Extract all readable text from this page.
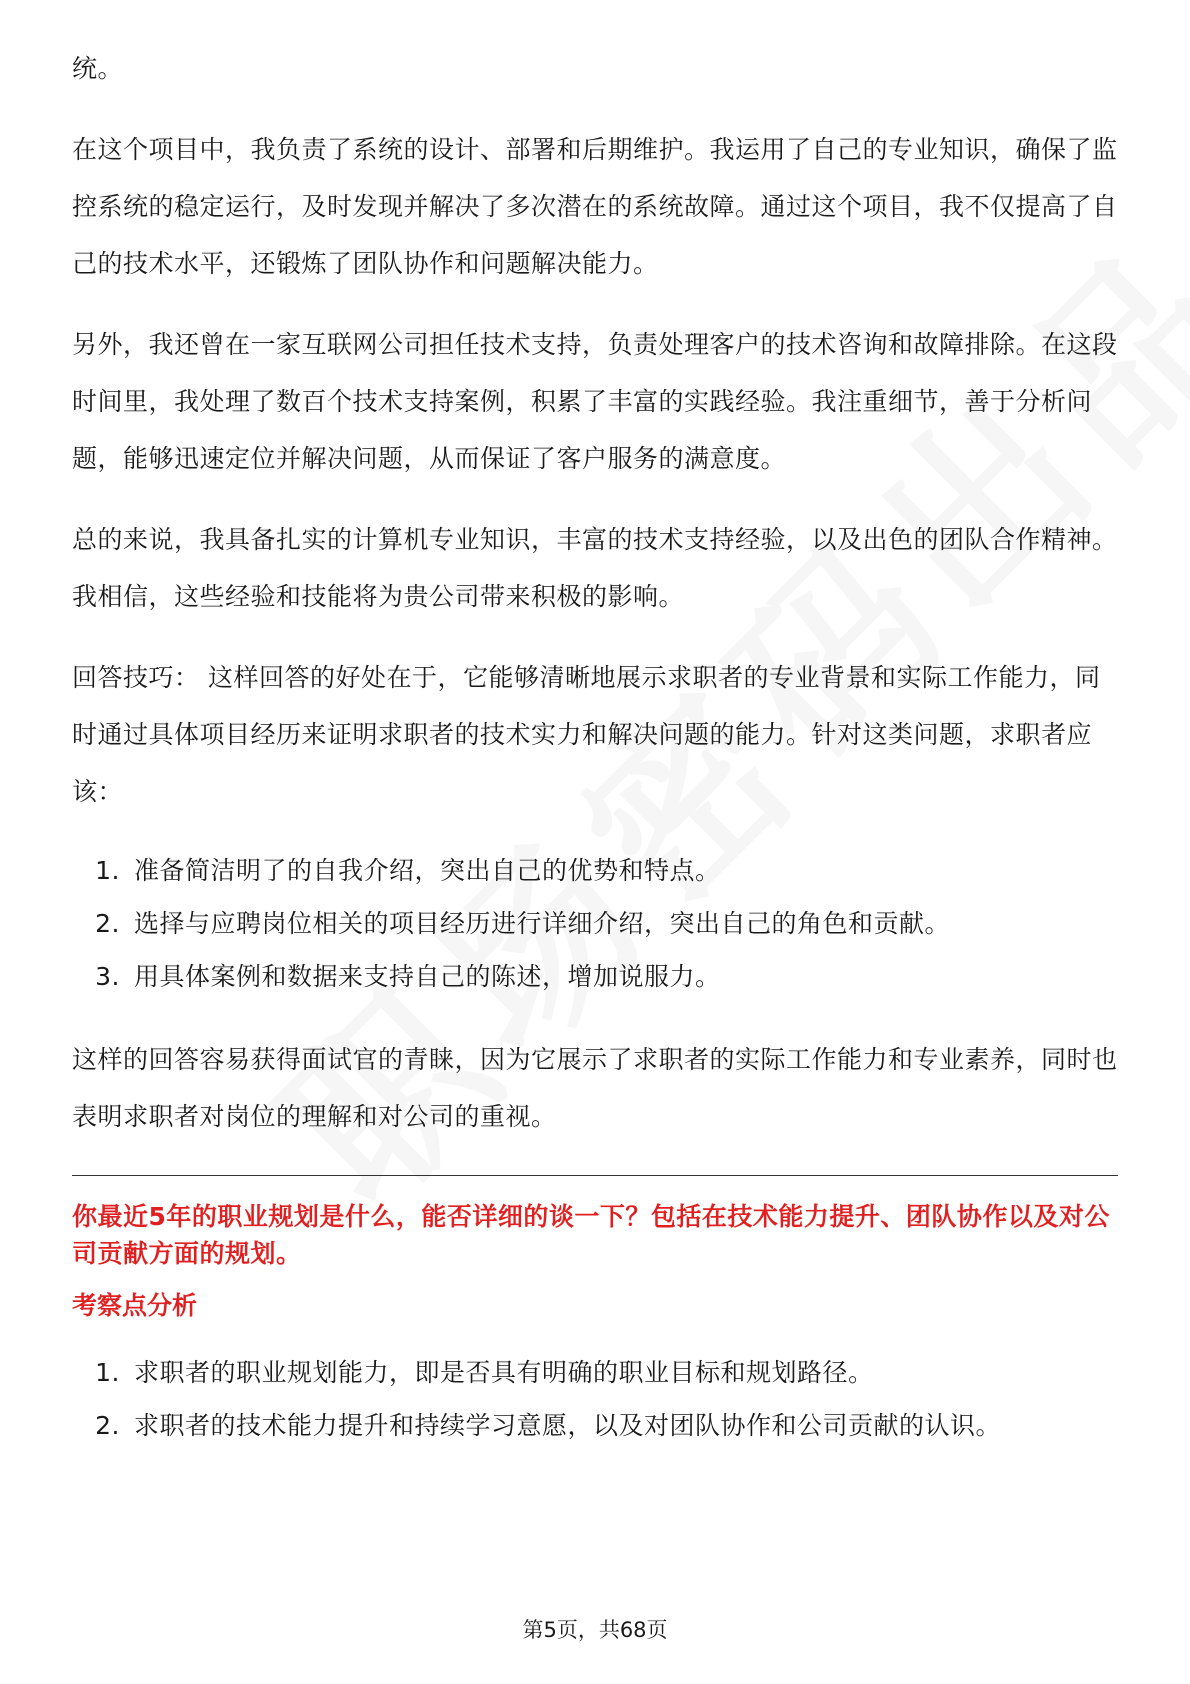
统。

在这个项目中，我负责了系统的设计、部署和后期维护。我运用了自己的专业知识，确保了监控系统的稳定运行，及时发现并解决了多次潜在的系统故障。通过这个项目，我不仅提高了自己的技术水平，还锻炼了团队协作和问题解决能力。

另外，我还曾在一家互联网公司担任技术支持，负责处理客户的技术咨询和故障排除。在这段时间里，我处理了数百个技术支持案例，积累了丰富的实践经验。我注重细节，善于分析问题，能够迅速定位并解决问题，从而保证了客户服务的满意度。

总的来说，我具备扎实的计算机专业知识，丰富的技术支持经验，以及出色的团队合作精神。我相信，这些经验和技能将为贵公司带来积极的影响。

回答技巧： 这样回答的好处在于，它能够清晰地展示求职者的专业背景和实际工作能力，同时通过具体项目经历来证明求职者的技术实力和解决问题的能力。针对这类问题，求职者应该：

1. 准备简洁明了的自我介绍，突出自己的优势和特点。
2. 选择与应聘岗位相关的项目经历进行详细介绍，突出自己的角色和贡献。
3. 用具体案例和数据来支持自己的陈述，增加说服力。

这样的回答容易获得面试官的青睐，因为它展示了求职者的实际工作能力和专业素养，同时也表明求职者对岗位的理解和对公司的重视。

你最近5年的职业规划是什么，能否详细的谈一下？包括在技术能力提升、团队协作以及对公司贡献方面的规划。

考察点分析
1. 求职者的职业规划能力，即是否具有明确的职业目标和规划路径。
2. 求职者的技术能力提升和持续学习意愿，以及对团队协作和公司贡献的认识。
第5页，共68页
